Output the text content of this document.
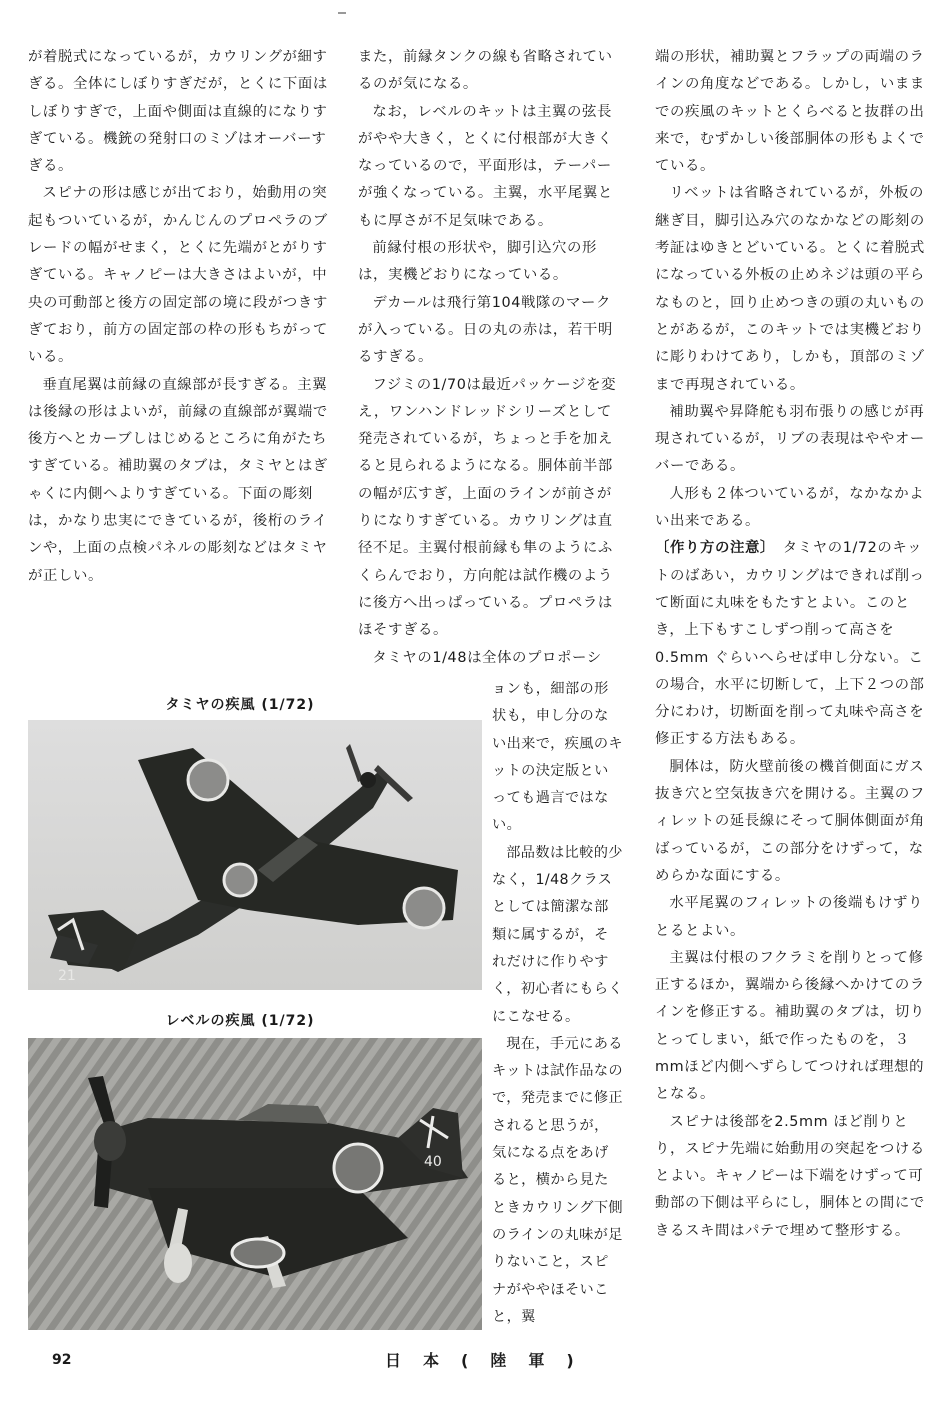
が着脱式になっているが，カウリングが細すぎる。全体にしぼりすぎだが，とくに下面はしぼりすぎで，上面や側面は直線的になりすぎている。機銃の発射口のミゾはオーバーすぎる。

スピナの形は感じが出ており，始動用の突起もついているが，かんじんのプロペラのブレードの幅がせまく，とくに先端がとがりすぎている。キャノピーは大きさはよいが，中央の可動部と後方の固定部の境に段がつきすぎており，前方の固定部の枠の形もちがっている。

垂直尾翼は前縁の直線部が長すぎる。主翼は後縁の形はよいが，前縁の直線部が翼端で後方へとカーブしはじめるところに角がたちすぎている。補助翼のタブは，タミヤとはぎゃくに内側へよりすぎている。下面の彫刻は，かなり忠実にできているが，後桁のラインや，上面の点検パネルの彫刻などはタミヤが正しい。

また，前縁タンクの線も省略されているのが気になる。

なお，レベルのキットは主翼の弦長がやや大きく，とくに付根部が大きくなっているので，平面形は，テーパーが強くなっている。主翼，水平尾翼ともに厚さが不足気味である。

前縁付根の形状や，脚引込穴の形は，実機どおりになっている。

デカールは飛行第104戦隊のマークが入っている。日の丸の赤は，若干明るすぎる。

フジミの1/70は最近パッケージを変え，ワンハンドレッドシリーズとして発売されているが，ちょっと手を加えると見られるようになる。胴体前半部の幅が広すぎ，上面のラインが前さがりになりすぎている。カウリングは直径不足。主翼付根前縁も隼のようにふくらんでおり，方向舵は試作機のように後方へ出っぱっている。プロペラはほそすぎる。

タミヤの1/48は全体のプロポーシ

ョンも，細部の形状も，申し分のない出来で，疾風のキットの決定版といっても過言ではない。

部品数は比較的少なく，1/48クラスとしては簡潔な部類に属するが，それだけに作りやすく，初心者にもらくにこなせる。

現在，手元にあるキットは試作品なので，発売までに修正されると思うが，気になる点をあげると，横から見たときカウリング下側のラインの丸味が足りないこと，スピナがややほそいこと，翼

端の形状，補助翼とフラップの両端のラインの角度などである。しかし，いままでの疾風のキットとくらべると抜群の出来で，むずかしい後部胴体の形もよくでている。

リベットは省略されているが，外板の継ぎ目，脚引込み穴のなかなどの彫刻の考証はゆきとどいている。とくに着脱式になっている外板の止めネジは頭の平らなものと，回り止めつきの頭の丸いものとがあるが，このキットでは実機どおりに彫りわけてあり，しかも，頂部のミゾまで再現されている。

補助翼や昇降舵も羽布張りの感じが再現されているが，リブの表現はややオーバーである。

人形も２体ついているが，なかなかよい出来である。

〔作り方の注意〕　 タミヤの1/72のキットのばあい，カウリングはできれば削って断面に丸味をもたすとよい。このとき，上下もすこしずつ削って高さを0.5mm ぐらいへらせば申し分ない。この場合，水平に切断して，上下２つの部分にわけ，切断面を削って丸味や高さを修正する方法もある。

胴体は，防火壁前後の機首側面にガス抜き穴と空気抜き穴を開ける。主翼のフィレットの延長線にそって胴体側面が角ばっているが，この部分をけずって，なめらかな面にする。

水平尾翼のフィレットの後端もけずりとるとよい。

主翼は付根のフクラミを削りとって修正するほか，翼端から後縁へかけてのラインを修正する。補助翼のタブは，切りとってしまい，紙で作ったものを，３mmほど内側へずらしてつければ理想的となる。

スピナは後部を2.5mm ほど削りとり，スピナ先端に始動用の突起をつけるとよい。キャノピーは下端をけずって可動部の下側は平らにし，胴体との間にできるスキ間はパテで埋めて整形する。

タミヤの疾風 (1/72)
21
レベルの疾風 (1/72)
40
92	日本(陸軍)
